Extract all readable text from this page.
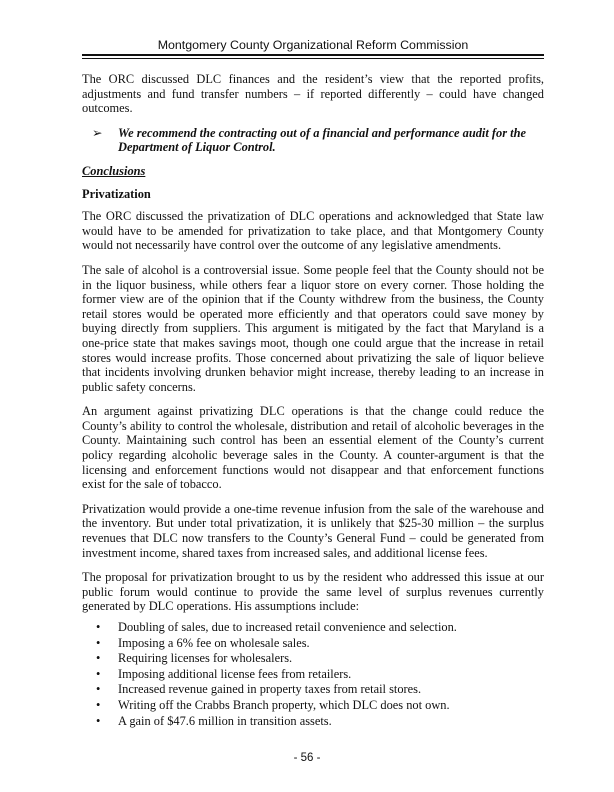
Montgomery County Organizational Reform Commission

The ORC discussed DLC finances and the resident’s view that the reported profits, adjustments and fund transfer numbers – if reported differently – could have changed outcomes.

➢	We recommend the contracting out of a financial and performance audit for the Department of Liquor Control.
Conclusions
Privatization

The ORC discussed the privatization of DLC operations and acknowledged that State law would have to be amended for privatization to take place, and that Montgomery County would not necessarily have control over the outcome of any legislative amendments.

The sale of alcohol is a controversial issue. Some people feel that the County should not be in the liquor business, while others fear a liquor store on every corner. Those holding the former view are of the opinion that if the County withdrew from the business, the County retail stores would be operated more efficiently and that operators could save money by buying directly from suppliers. This argument is mitigated by the fact that Maryland is a one-price state that makes savings moot, though one could argue that the increase in retail stores would increase profits. Those concerned about privatizing the sale of liquor believe that incidents involving drunken behavior might increase, thereby leading to an increase in public safety concerns.

An argument against privatizing DLC operations is that the change could reduce the County’s ability to control the wholesale, distribution and retail of alcoholic beverages in the County. Maintaining such control has been an essential element of the County’s current policy regarding alcoholic beverage sales in the County. A counter-argument is that the licensing and enforcement functions would not disappear and that enforcement functions exist for the sale of tobacco.

Privatization would provide a one-time revenue infusion from the sale of the warehouse and the inventory. But under total privatization, it is unlikely that $25-30 million – the surplus revenues that DLC now transfers to the County’s General Fund – could be generated from investment income, shared taxes from increased sales, and additional license fees.

The proposal for privatization brought to us by the resident who addressed this issue at our public forum would continue to provide the same level of surplus revenues currently generated by DLC operations. His assumptions include:

•	Doubling of sales, due to increased retail convenience and selection.
•	Imposing a 6% fee on wholesale sales.
•	Requiring licenses for wholesalers.
•	Imposing additional license fees from retailers.
•	Increased revenue gained in property taxes from retail stores.
•	Writing off the Crabbs Branch property, which DLC does not own.
•	A gain of $47.6 million in transition assets.
- 56 -
